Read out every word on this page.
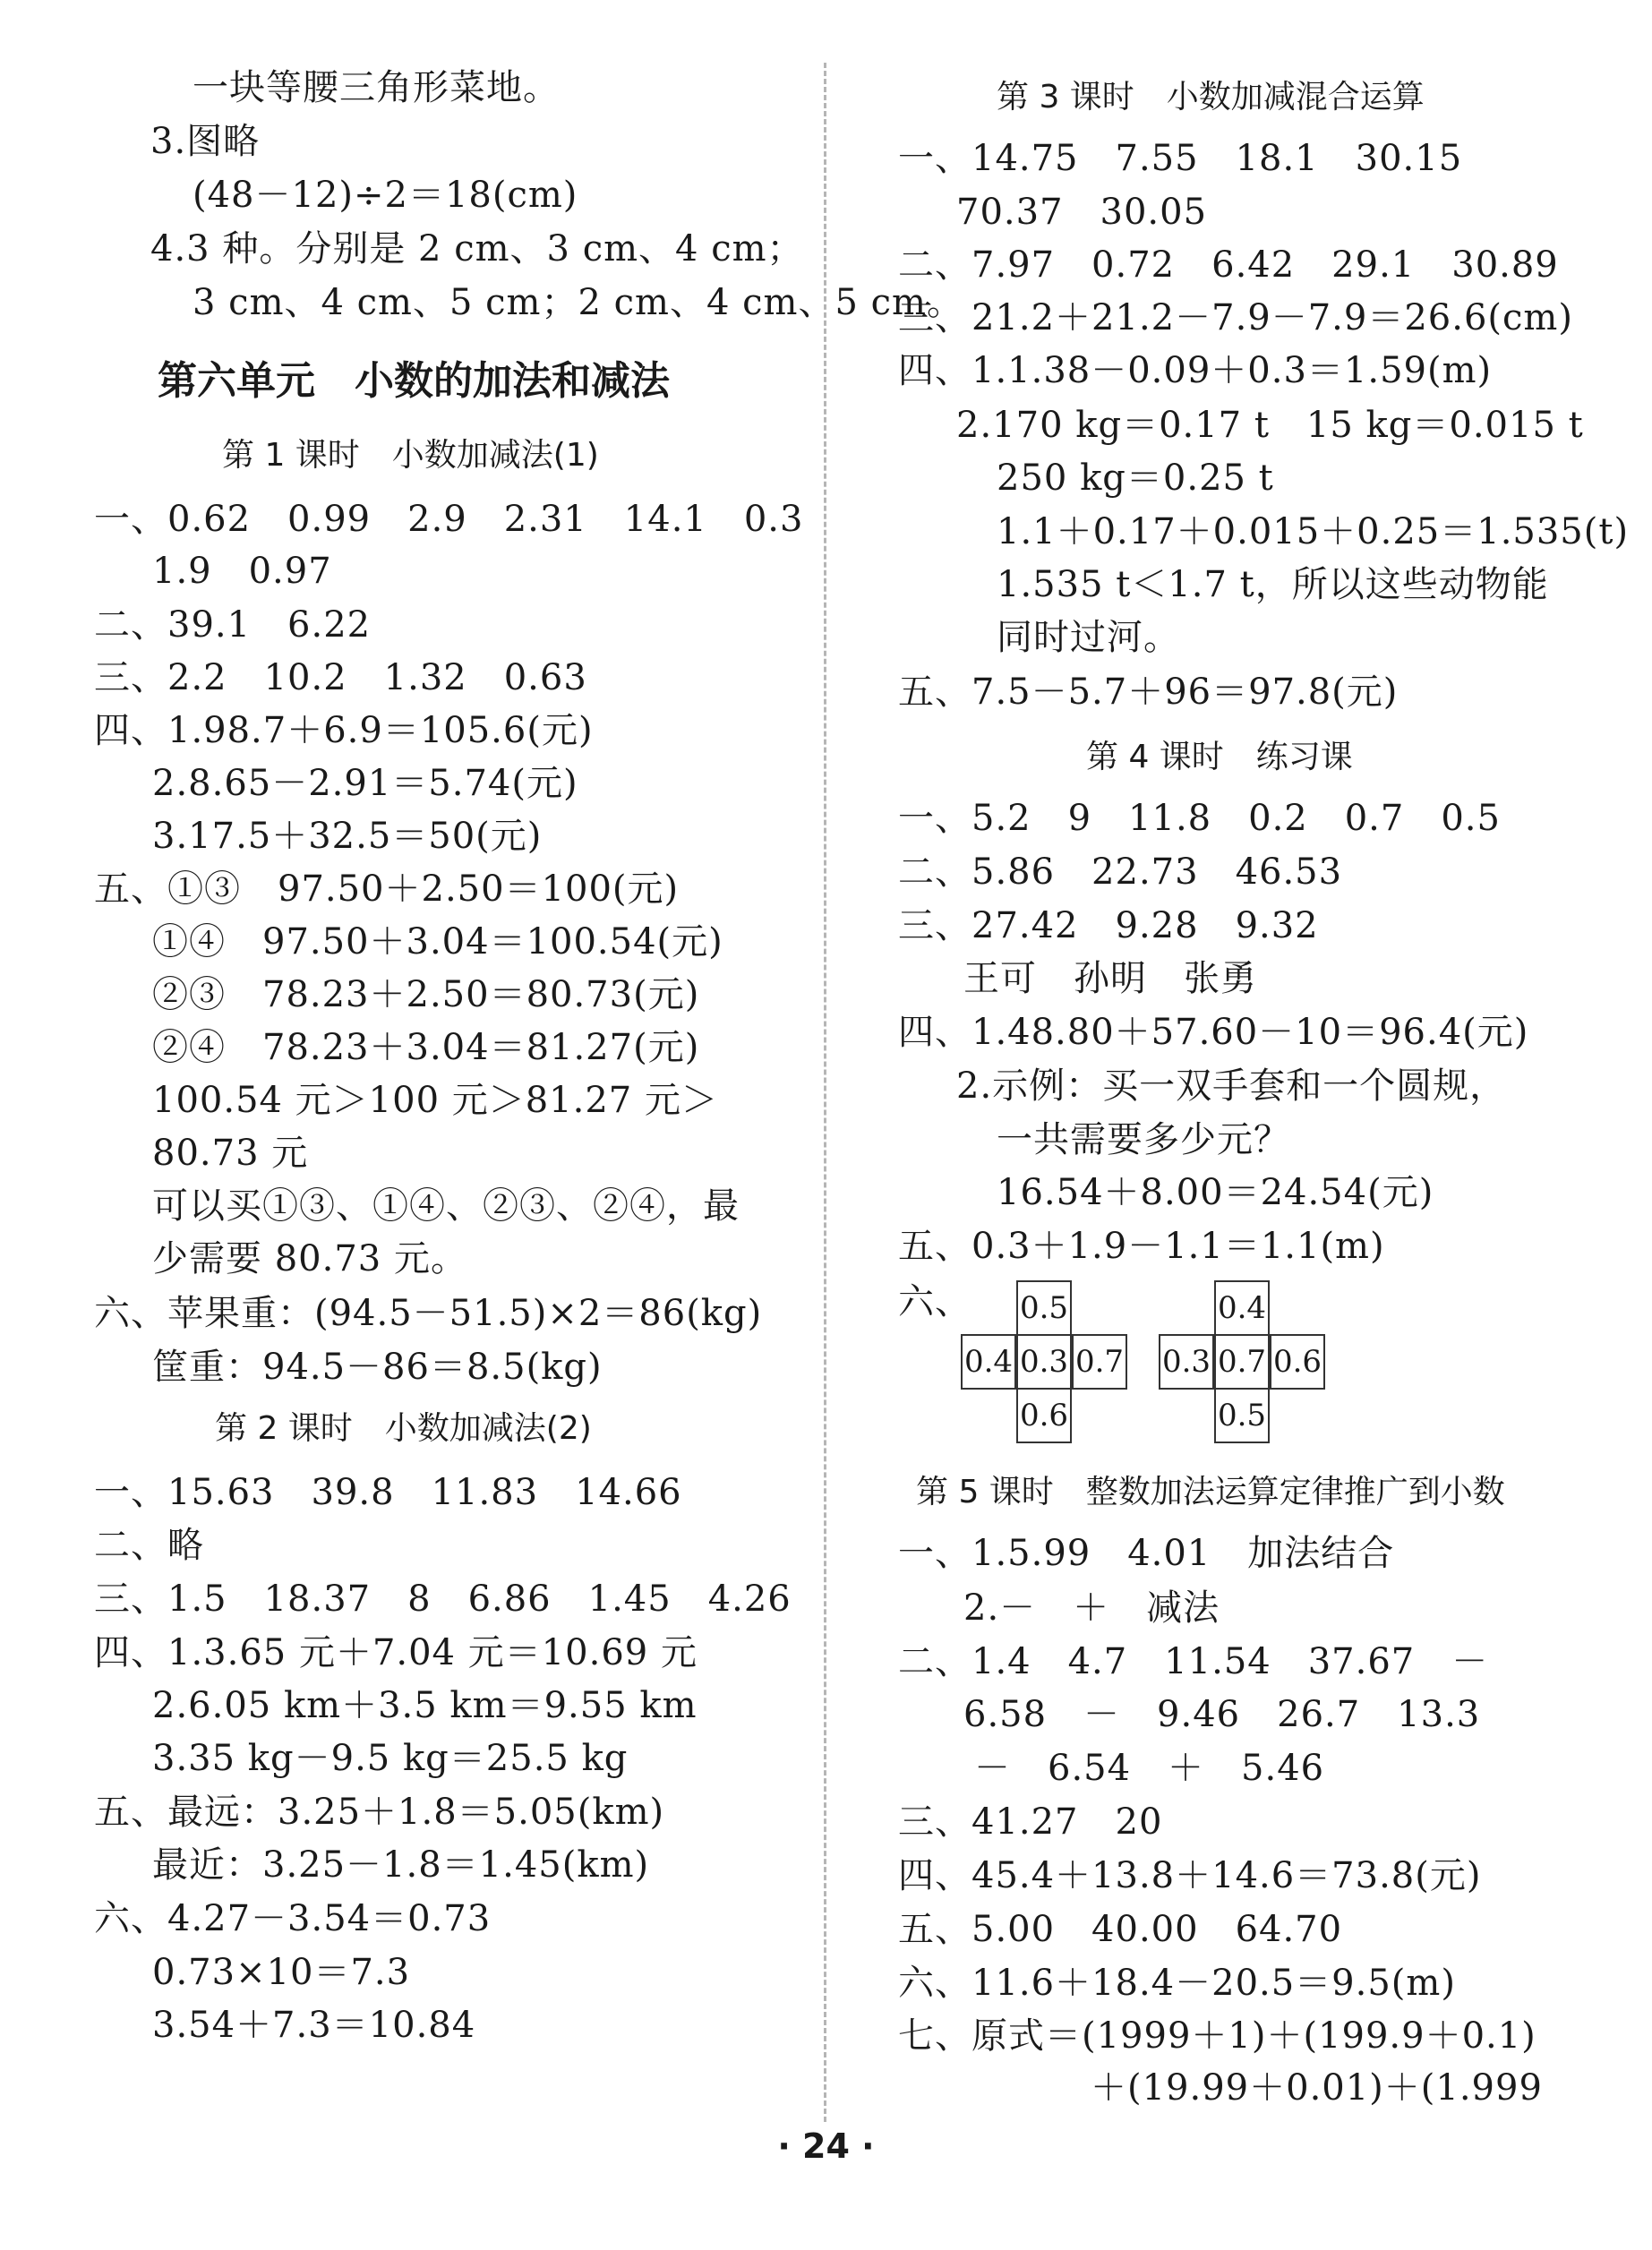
一块等腰三角形菜地。
3.图略
(48－12)÷2＝18(cm)
4.3 种。分别是 2 cm、3 cm、4 cm；
3 cm、4 cm、5 cm；2 cm、4 cm、5 cm。
第六单元　小数的加法和减法
第 1 课时　小数加减法(1)
一、0.62　0.99　2.9　2.31　14.1　0.3
1.9　0.97
二、39.1　6.22
三、2.2　10.2　1.32　0.63
四、1.98.7＋6.9＝105.6(元)
2.8.65－2.91＝5.74(元)
3.17.5＋32.5＝50(元)
五、①③　97.50＋2.50＝100(元)
①④　97.50＋3.04＝100.54(元)
②③　78.23＋2.50＝80.73(元)
②④　78.23＋3.04＝81.27(元)
100.54 元＞100 元＞81.27 元＞
80.73 元
可以买①③、①④、②③、②④，最
少需要 80.73 元。
六、苹果重：(94.5－51.5)×2＝86(kg)
筐重：94.5－86＝8.5(kg)
第 2 课时　小数加减法(2)
一、15.63　39.8　11.83　14.66
二、略
三、1.5　18.37　8　6.86　1.45　4.26
四、1.3.65 元＋7.04 元＝10.69 元
2.6.05 km＋3.5 km＝9.55 km
3.35 kg－9.5 kg＝25.5 kg
五、最远：3.25＋1.8＝5.05(km)
最近：3.25－1.8＝1.45(km)
六、4.27－3.54＝0.73
0.73×10＝7.3
3.54＋7.3＝10.84
第 3 课时　小数加减混合运算
一、14.75　7.55　18.1　30.15
70.37　30.05
二、7.97　0.72　6.42　29.1　30.89
三、21.2＋21.2－7.9－7.9＝26.6(cm)
四、1.1.38－0.09＋0.3＝1.59(m)
2.170 kg＝0.17 t　15 kg＝0.015 t
250 kg＝0.25 t
1.1＋0.17＋0.015＋0.25＝1.535(t)
1.535 t＜1.7 t，所以这些动物能
同时过河。
五、7.5－5.7＋96＝97.8(元)
第 4 课时　练习课
一、5.2　9　11.8　0.2　0.7　0.5
二、5.86　22.73　46.53
三、27.42　9.28　9.32
王可　孙明　张勇
四、1.48.80＋57.60－10＝96.4(元)
2.示例：买一双手套和一个圆规，
一共需要多少元？
16.54＋8.00＝24.54(元)
五、0.3＋1.9－1.1＝1.1(m)
六、 0.5
0.4 0.3 0.7
0.6
0.4
0.3 0.7 0.6
0.5
第 5 课时　整数加法运算定律推广到小数
一、1.5.99　4.01　加法结合
2.－　＋　减法
二、1.4　4.7　11.54　37.67　－
6.58　－　9.46　26.7　13.3
－　6.54　＋　5.46
三、41.27　20
四、45.4＋13.8＋14.6＝73.8(元)
五、5.00　40.00　64.70
六、11.6＋18.4－20.5＝9.5(m)
七、原式＝(1999＋1)＋(199.9＋0.1)
＋(19.99＋0.01)＋(1.999
· 24 ·
